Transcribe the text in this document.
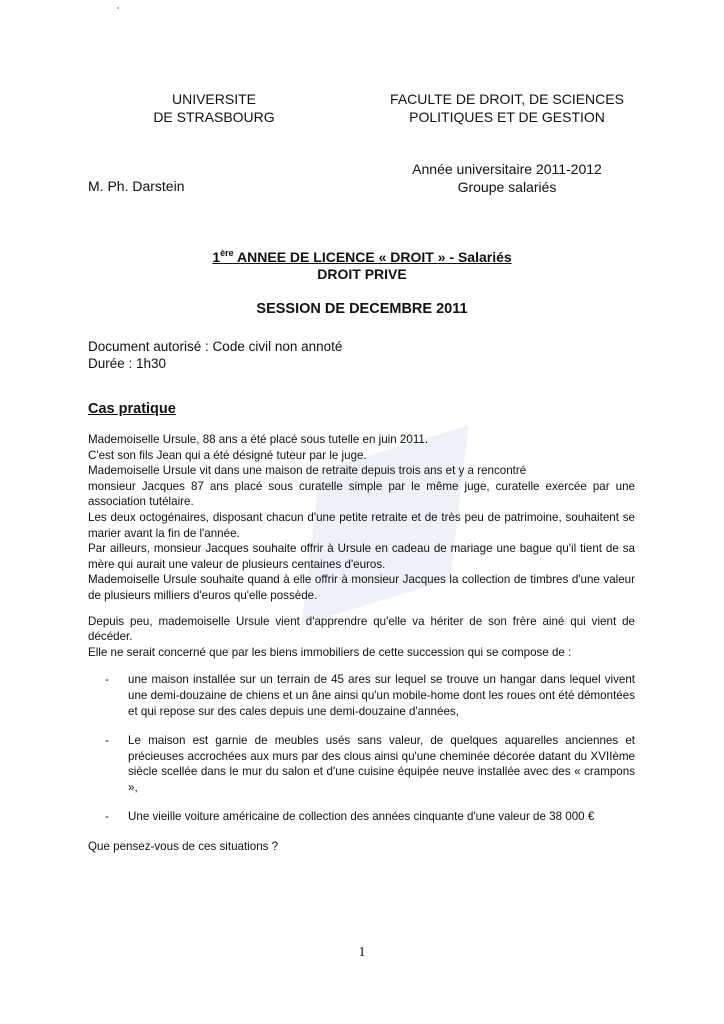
UNIVERSITE
DE STRASBOURG
FACULTE DE DROIT, DE SCIENCES
POLITIQUES ET DE GESTION
Année universitaire 2011-2012
Groupe salariés
M. Ph. Darstein
1ère ANNEE DE LICENCE « DROIT » - Salariés
DROIT PRIVE
SESSION DE DECEMBRE 2011
Document autorisé : Code civil non annoté
Durée : 1h30
Cas pratique

Mademoiselle Ursule, 88 ans a été placé sous tutelle en juin 2011.

C'est son fils Jean qui a été désigné tuteur par le juge.

Mademoiselle Ursule vit dans une maison de retraite depuis trois ans et y a rencontré

monsieur Jacques 87 ans placé sous curatelle simple par le même juge, curatelle exercée par une association tutélaire.

Les deux octogénaires, disposant chacun d'une petite retraite et de très peu de patrimoine, souhaitent se marier avant la fin de l'année.

Par ailleurs, monsieur Jacques souhaite offrir à Ursule en cadeau de mariage une bague qu'il tient de sa mère qui aurait une valeur de plusieurs centaines d'euros.

Mademoiselle Ursule souhaite quand à elle offrir à monsieur Jacques la collection de timbres d'une valeur de plusieurs milliers d'euros qu'elle possède.

Depuis peu, mademoiselle Ursule vient d'apprendre qu'elle va hériter de son frère ainé qui vient de décéder.

Elle ne serait concerné que par les biens immobiliers de cette succession qui se compose de :

- une maison installée sur un terrain de 45 ares sur lequel se trouve un hangar dans lequel vivent une demi-douzaine de chiens et un âne ainsi qu'un mobile-home dont les roues ont été démontées et qui repose sur des cales depuis une demi-douzaine d'années,
- Le maison est garnie de meubles usés sans valeur, de quelques aquarelles anciennes et précieuses accrochées aux murs par des clous ainsi qu'une cheminée décorée datant du XVIIème siècle scellée dans le mur du salon et d'une cuisine équipée neuve installée avec des « crampons »,
- Une vieille voiture américaine de collection des années cinquante d'une valeur de 38 000 €

Que pensez-vous de ces situations ?

1
